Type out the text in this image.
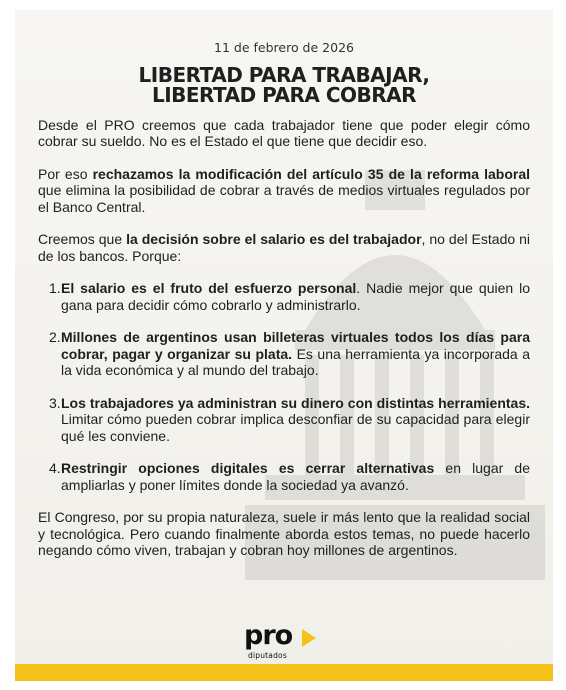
11 de febrero de 2026
LIBERTAD PARA TRABAJAR,
LIBERTAD PARA COBRAR

Desde el PRO creemos que cada trabajador tiene que poder elegir cómo cobrar su sueldo. No es el Estado el que tiene que decidir eso.

Por eso rechazamos la modificación del artículo 35 de la reforma laboral que elimina la posibilidad de cobrar a través de medios virtuales regulados por el Banco Central.

Creemos que la decisión sobre el salario es del trabajador, no del Estado ni de los bancos. Porque:

1. El salario es el fruto del esfuerzo personal. Nadie mejor que quien lo gana para decidir cómo cobrarlo y administrarlo.
2. Millones de argentinos usan billeteras virtuales todos los días para cobrar, pagar y organizar su plata. Es una herramienta ya incorporada a la vida económica y al mundo del trabajo.
3. Los trabajadores ya administran su dinero con distintas herramientas. Limitar cómo pueden cobrar implica desconfiar de su capacidad para elegir qué les conviene.
4. Restringir opciones digitales es cerrar alternativas en lugar de ampliarlas y poner límites donde la sociedad ya avanzó.

El Congreso, por su propia naturaleza, suele ir más lento que la realidad social y tecnológica. Pero cuando finalmente aborda estos temas, no puede hacerlo negando cómo viven, trabajan y cobran hoy millones de argentinos.

pro
diputados
